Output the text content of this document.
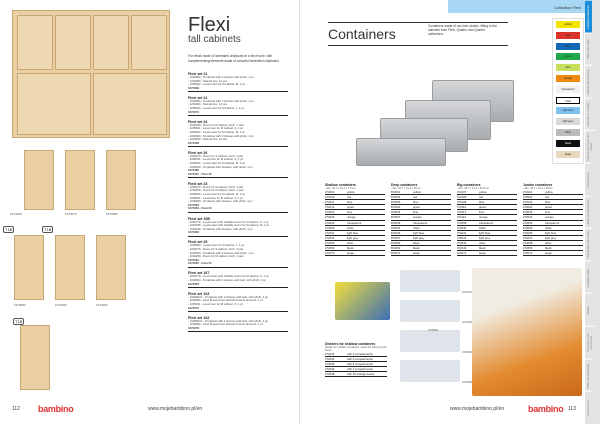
1673069	1673070	1673086
1673083	1673082	1673084
T1B	T1B
T1B
Flexi
tall cabinets

For rehab made of laminated chipboard in a birch tone, with complementing elements made of colourful laminated chipboard.

Flexi set 21
- 1002600 - M cabinet with 2 shelves with plinth, 1 pc
- 1294900 - Natural box, 12 pcs
- 1005022 - Level insert for M cabinet, M, 1 pc
1673069
Flexi set 22
- 1002600 - M cabinet with 2 shelves with plinth, 1 pc
- 1294900 - Natural box, 12 pcs
- 1005040 - Level insert for M cabinet, L, 1 pc
1673070
Flexi set 24
- 1002250 - Doors for M cabinet, birch, 1 pair
- 1005021 - Level riser for M cabinet, S, 1 pc
- 1005022 - Level insert for M cabinet, M, 1 pc
- 1002600 - M cabinet with 2 shelves with plinth, 1 pc
- 1294900 - Natural box, 12 pcs
1673068
Flexi set 26
- 1002270 - Doors for S cabinet, birch, 1 pair
- 1005021 - Level riser for M cabinet, S, 1 pc
- 1005022 - Level insert for M cabinet, M, 1 pc
- 1002630 - M cabinet with drawers, with plinth, 1 pc
1673086
1673087 - Flexi 26
Flexi set 23
- 1002270 - Doors for S cabinet, birch, 1 pair
- 1002250 - Doors for M cabinet, birch, 1 pair
- 1005022 - Level insert for M cabinet, M, 1 pc
- 1005021 - Level riser for M cabinet, S, 1 pc
- 1002630 - M cabinet with drawers, with plinth, 1 pc
1673083
1673084 - Flexi 23
Flexi set 16B
- 1094770 - Level insert with foldable doors for M cabinet, S, 1 pc
- 1094780 - Level insert with foldable doors for M cabinet, M, 1 pc
- 1002630 - M cabinet with drawers, with plinth, 1 pc
1673082
Flexi set 25
- 1005040 - Level insert for M cabinet, L, 1 pc
- 1002270 - Doors for S cabinet, birch, 1 pair
- 1002600 - M cabinet with 2 shelves with plinth, 1 pc
- 1002250 - Doors for M cabinet, birch, 1 pair
1673084
1673085 - Flexi 25
Flexi set 167
- 1094770 - Level insert with foldable doors for M cabinet, S, 1 pc
- 1002604 - M cabinet with 2 shelves with lock, with plinth, 1 pc
1673083
Flexi set 163
- 1002604C - M cabinet with 2 shelves with lock, with plinth, 1 pc
- 1002960 - Flexi M level riser with birch doors and lock, 1 pc
- 1005021 - Level riser for M cabinet, S, 1 pc
1673070
Flexi set 162
- 1002604C - M cabinet with 2 shelves with lock, with plinth, 1 pc
- 1002960 - Flexi M level riser with birch doors and lock, 1 pc
1673078
112 bambino	www.mojebambino.pl/en
Collection Flexi
Containers	Containers made of not-toxic plastic, fitting to the cabinets from Flexi, Quadro and Quartet collections.

yellow
red
blue
green
lime
orange
transparent
white
light blue
light grey
silver
black
beige
Shallow containers
- dim. 42.7 x 31.4 x 7.5 cm
272003	yellow
272010	red
272011	blue
272012	green
272024	lime
272025	orange
272026	transparent
272030	white
272031	light blue
272032	light grey
272050	silver
272053	black
272070	beige
Deep containers
- dim. 42.7 x 31.4 x 15 cm
872001	yellow
872004	red
872005	blue
872006	green
872026	lime
872007	orange
872008	transparent
872031	white
872036	light blue
872037	light grey
872054	silver
872060	black
872071	beige
Big containers
- dim. 42.7 x 31.4 x 22.5 cm
372107	yellow
372108	red
372109	blue
372110	green
372114	lime
372110	orange
372099	transparent
372040	white
372041	light blue
372042	light grey
372044	silver
372043	black
372072	beige
Jumbo containers
- dim. 42.7 x 31.4 x 30 cm
272021	yellow
272022	red
272023	blue
272024	green
272040	lime
272041	orange
272025	transparent
272030	white
272036	light blue
272037	light grey
272048	silver
272050	black
272071	beige
Dividers for shallow containers
Divider for shallow containers, useful for storing small items
272043	with 4 compartments
272044	with 6 compartments
272045	with 8 compartments
272046	with 2 compartments
272048	with 18 storage boxes
www.mojebambino.pl/en	bambino 113
Furniture collections
Tables and chairs
Sleeping and relaxing
Furniture for toddlers
Furniture for rooms and lockers
Soft furniture
Library and bookcases
Wardrobes and lockers
Changing tables
Kitchen
Decoration and accessories
Office and furnishings
Sensory room
272043
272044
272045
272046
272048
